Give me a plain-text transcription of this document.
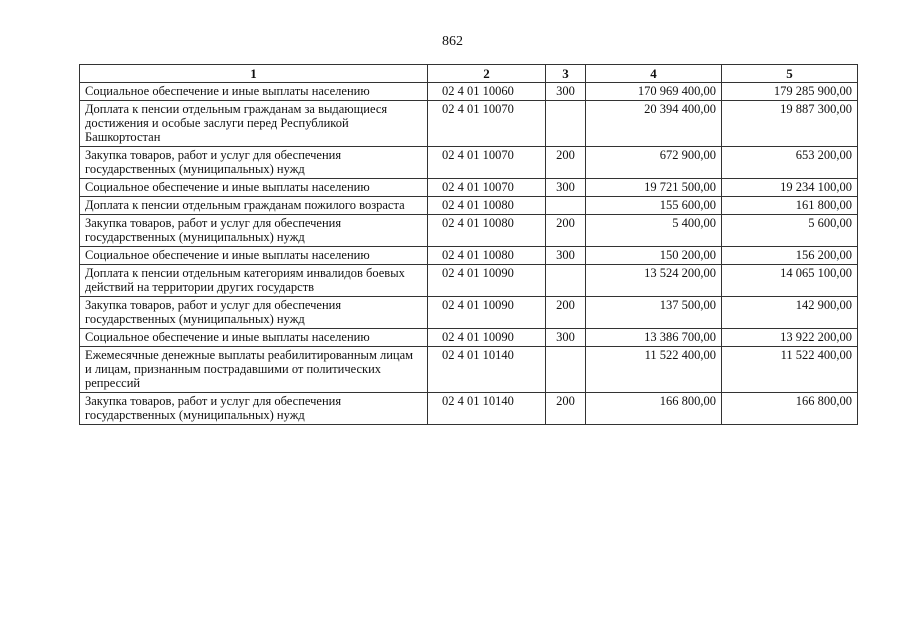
862
1	2	3	4	5
Социальное обеспечение и иные выплаты населению	02 4 01 10060	300	170 969 400,00	179 285 900,00
Доплата к пенсии отдельным гражданам за выдающиеся достижения и особые заслуги перед Республикой Башкортостан	02 4 01 10070		20 394 400,00	19 887 300,00
Закупка товаров, работ и услуг для обеспечения государственных (муниципальных) нужд	02 4 01 10070	200	672 900,00	653 200,00
Социальное обеспечение и иные выплаты населению	02 4 01 10070	300	19 721 500,00	19 234 100,00
Доплата к пенсии отдельным гражданам пожилого возраста	02 4 01 10080		155 600,00	161 800,00
Закупка товаров, работ и услуг для обеспечения государственных (муниципальных) нужд	02 4 01 10080	200	5 400,00	5 600,00
Социальное обеспечение и иные выплаты населению	02 4 01 10080	300	150 200,00	156 200,00
Доплата к пенсии отдельным категориям инвалидов боевых действий на территории других государств	02 4 01 10090		13 524 200,00	14 065 100,00
Закупка товаров, работ и услуг для обеспечения государственных (муниципальных) нужд	02 4 01 10090	200	137 500,00	142 900,00
Социальное обеспечение и иные выплаты населению	02 4 01 10090	300	13 386 700,00	13 922 200,00
Ежемесячные денежные выплаты реабилитированным лицам и лицам, признанным пострадавшими от политических репрессий	02 4 01 10140		11 522 400,00	11 522 400,00
Закупка товаров, работ и услуг для обеспечения государственных (муниципальных) нужд	02 4 01 10140	200	166 800,00	166 800,00
